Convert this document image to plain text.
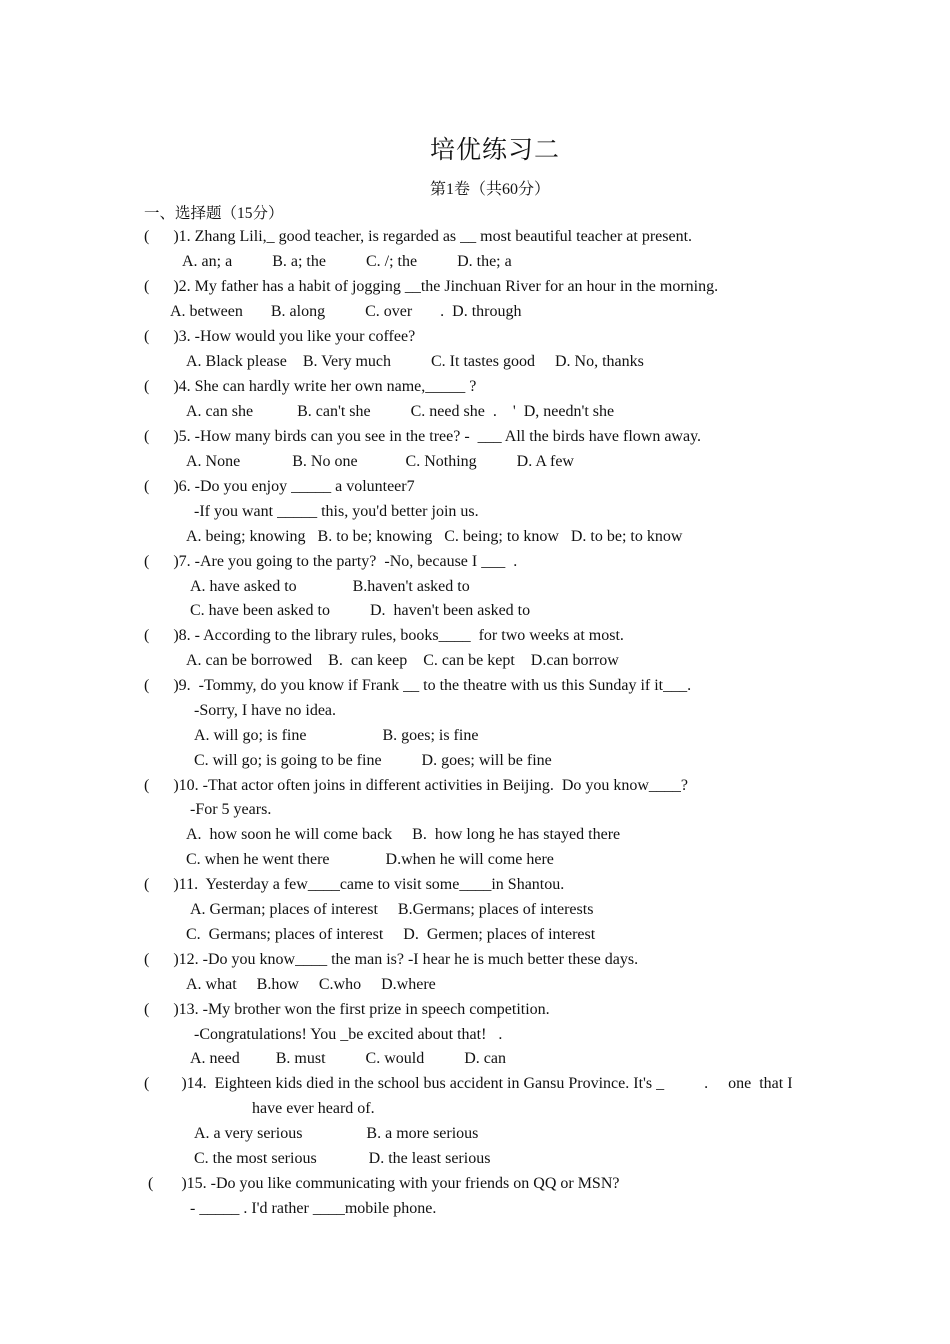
培优练习二
第1卷（共60分）
一、选择题（15分）
(      )1. Zhang Lili,_ good teacher, is regarded as __ most beautiful teacher at present.
A. an; a          B. a; the          C. /; the          D. the; a
(      )2. My father has a habit of jogging __the Jinchuan River for an hour in the morning.
A. between       B. along          C. over       .  D. through
(      )3. -How would you like your coffee?
A. Black please    B. Very much          C. It tastes good     D. No, thanks
(      )4. She can hardly write her own name,_____ ?
A. can she           B. can't she          C. need she  .    '  D, needn't she
(      )5. -How many birds can you see in the tree? -  ___ All the birds have flown away.
A. None             B. No one            C. Nothing          D. A few
(      )6. -Do you enjoy _____ a volunteer7
-If you want _____ this, you'd better join us.
A. being; knowing   B. to be; knowing   C. being; to know   D. to be; to know
(      )7. -Are you going to the party?  -No, because I ___  .
A. have asked to              B.haven't asked to
C. have been asked to          D.  haven't been asked to
(      )8. - According to the library rules, books____  for two weeks at most.
A. can be borrowed    B.  can keep    C. can be kept    D.can borrow
(      )9.  -Tommy, do you know if Frank __ to the theatre with us this Sunday if it___.
-Sorry, I have no idea.
A. will go; is fine                   B. goes; is fine
C. will go; is going to be fine          D. goes; will be fine
(      )10. -That actor often joins in different activities in Beijing.  Do you know____?
-For 5 years.
A.  how soon he will come back     B.  how long he has stayed there
C. when he went there              D.when he will come here
(      )11.  Yesterday a few____came to visit some____in Shantou.
A. German; places of interest     B.Germans; places of interests
C.  Germans; places of interest     D.  Germen; places of interest
(      )12. -Do you know____ the man is? -I hear he is much better these days.
A. what     B.how     C.who     D.where
(      )13. -My brother won the first prize in speech competition.
-Congratulations! You _be excited about that!   .
A. need         B. must          C. would          D. can
(        )14.  Eighteen kids died in the school bus accident in Gansu Province. It's _          .     one  that I
have ever heard of.
A. a very serious                B. a more serious
C. the most serious             D. the least serious
(       )15. -Do you like communicating with your friends on QQ or MSN?
- _____ . I'd rather ____mobile phone.
